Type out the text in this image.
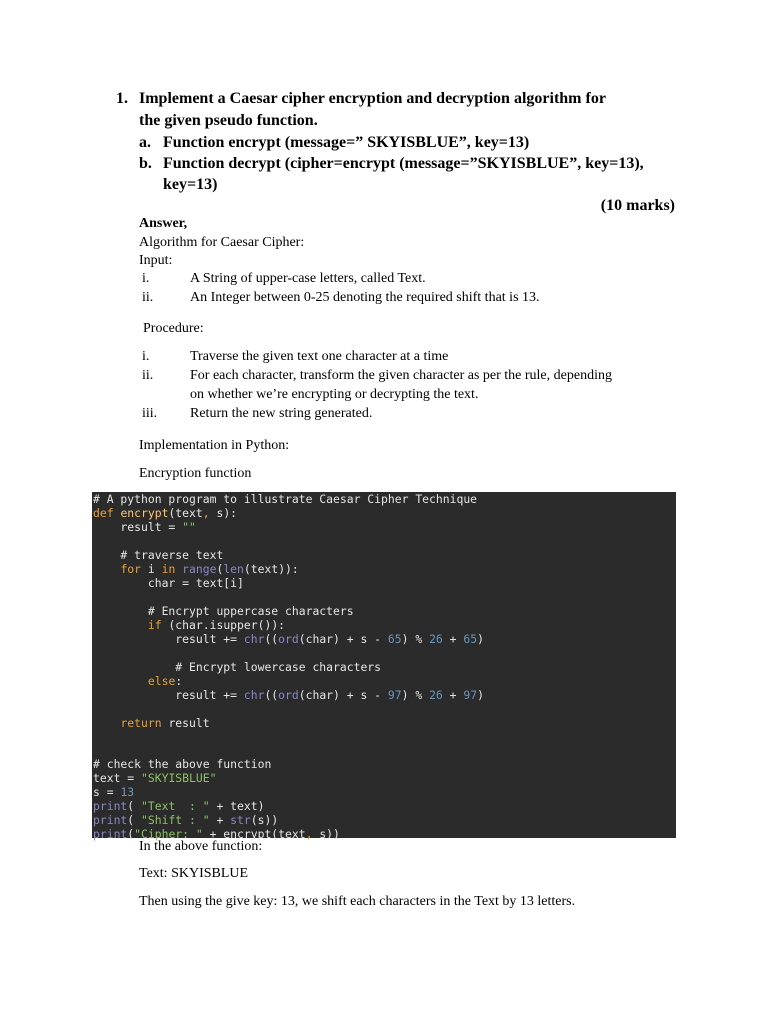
1. Implement a Caesar cipher encryption and decryption algorithm for
the given pseudo function.
a. Function encrypt (message=” SKYISBLUE”, key=13)
b. Function decrypt (cipher=encrypt (message=”SKYISBLUE”, key=13),
key=13)
(10 marks)
Answer,
Algorithm for Caesar Cipher:
Input:
i.	A String of upper-case letters, called Text.
ii.	An Integer between 0-25 denoting the required shift that is 13.
Procedure:
i.	Traverse the given text one character at a time
ii.	For each character, transform the given character as per the rule, depending
on whether we’re encrypting or decrypting the text.
iii. Return the new string generated.
Implementation in Python:
Encryption function
# A python program to illustrate Caesar Cipher Technique
def encrypt(text, s):
result = ""
# traverse text
for i in range(len(text)):
char = text[i]
# Encrypt uppercase characters
if (char.isupper()):
result += chr((ord(char) + s - 65) % 26 + 65)
# Encrypt lowercase characters
else:
result += chr((ord(char) + s - 97) % 26 + 97)
return result
# check the above function
text = "SKYISBLUE"
s = 13
print( "Text  : " + text)
print( "Shift : " + str(s))
print("Cipher: " + encrypt(text, s))
In the above function:
Text: SKYISBLUE
Then using the give key: 13, we shift each characters in the Text by 13 letters.
